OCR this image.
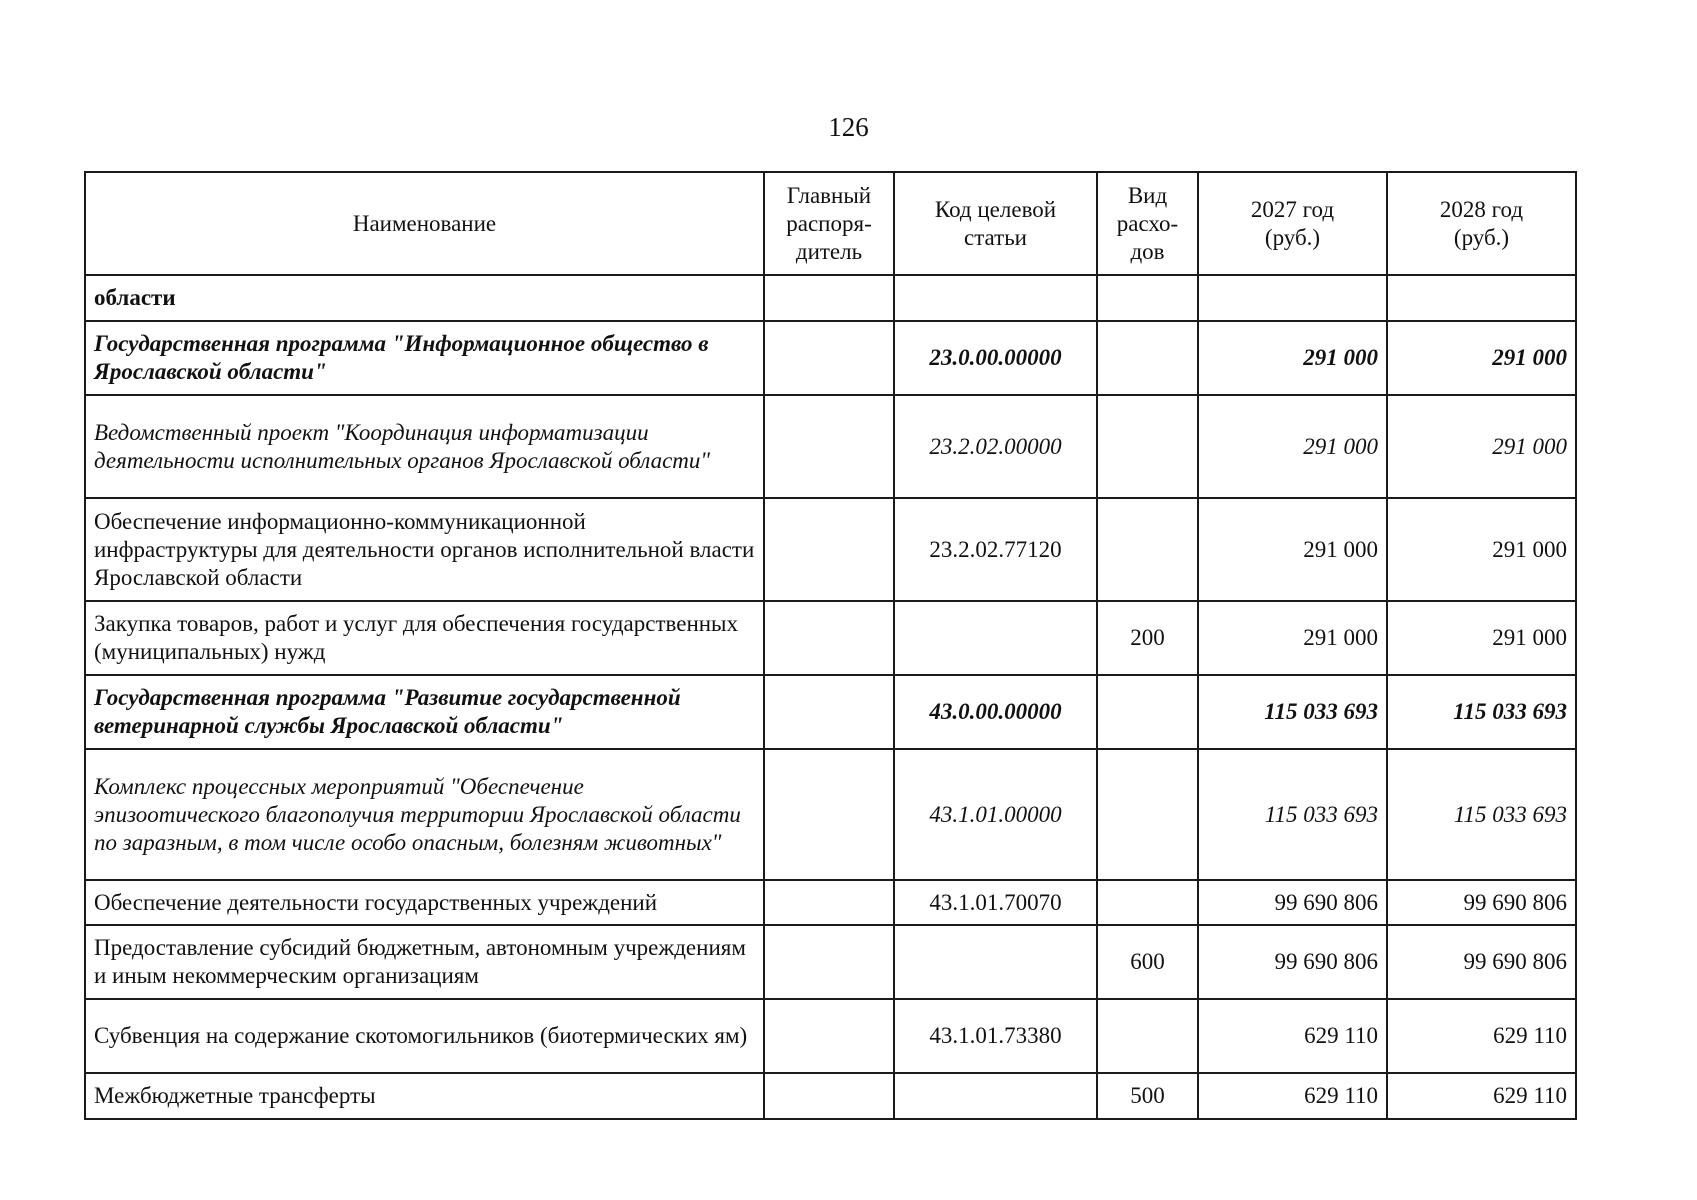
126
Наименование	Главный распоря-дитель	Код целевой статьи	Вид расхо-дов	2027 год (руб.)	2028 год (руб.)
области					
Государственная программа "Информационное общество в Ярославской области"		23.0.00.00000		291 000	291 000
Ведомственный проект "Координация информатизации деятельности исполнительных органов Ярославской области"		23.2.02.00000		291 000	291 000
Обеспечение информационно-коммуникационной инфраструктуры для деятельности органов исполнительной власти Ярославской области		23.2.02.77120		291 000	291 000
Закупка товаров, работ и услуг для обеспечения государственных (муниципальных) нужд			200	291 000	291 000
Государственная программа "Развитие государственной ветеринарной службы Ярославской области"		43.0.00.00000		115 033 693	115 033 693
Комплекс процессных мероприятий "Обеспечение эпизоотического благополучия территории Ярославской области по заразным, в том числе особо опасным, болезням животных"		43.1.01.00000		115 033 693	115 033 693
Обеспечение деятельности государственных учреждений		43.1.01.70070		99 690 806	99 690 806
Предоставление субсидий бюджетным, автономным учреждениям и иным некоммерческим организациям			600	99 690 806	99 690 806
Субвенция на содержание скотомогильников (биотермических ям)		43.1.01.73380		629 110	629 110
Межбюджетные трансферты			500	629 110	629 110
